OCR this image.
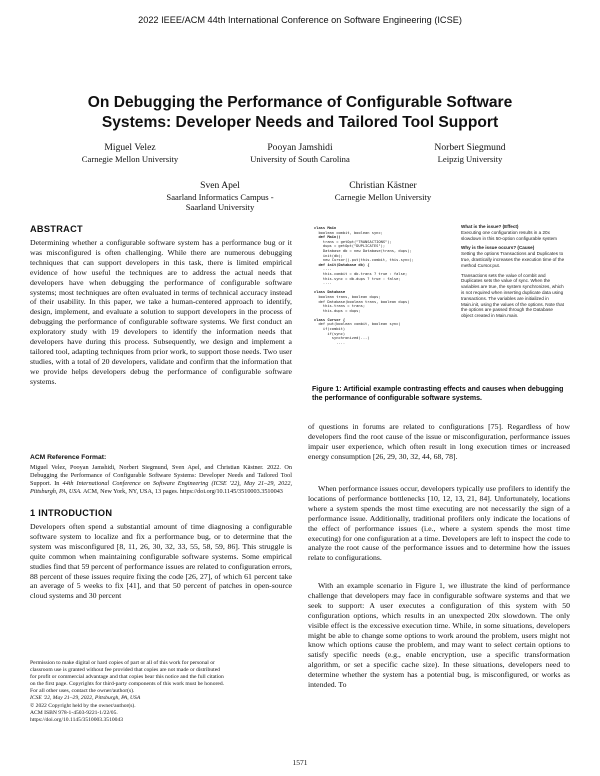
2022 IEEE/ACM 44th International Conference on Software Engineering (ICSE)
On Debugging the Performance of Configurable Software
Systems: Developer Needs and Tailored Tool Support
Miguel Velez
Carnegie Mellon University
Pooyan Jamshidi
University of South Carolina
Norbert Siegmund
Leipzig University
Sven Apel
Saarland Informatics Campus -
Saarland University
Christian Kästner
Carnegie Mellon University
ABSTRACT

Determining whether a configurable software system has a performance bug or it was misconfigured is often challenging. While there are numerous debugging techniques that can support developers in this task, there is limited empirical evidence of how useful the techniques are to address the actual needs that developers have when debugging the performance of configurable software systems; most techniques are often evaluated in terms of technical accuracy instead of their usability. In this paper, we take a human-centered approach to identify, design, implement, and evaluate a solution to support developers in the process of debugging the performance of configurable software systems. We first conduct an exploratory study with 19 developers to identify the information needs that developers have during this process. Subsequently, we design and implement a tailored tool, adapting techniques from prior work, to support those needs. Two user studies, with a total of 20 developers, validate and confirm that the information that we provide helps developers debug the performance of configurable software systems.

ACM Reference Format:
Miguel Velez, Pooyan Jamshidi, Norbert Siegmund, Sven Apel, and Christian Kästner. 2022. On Debugging the Performance of Configurable Software Systems: Developer Needs and Tailored Tool Support. In 44th International Conference on Software Engineering (ICSE '22), May 21–29, 2022, Pittsburgh, PA, USA. ACM, New York, NY, USA, 13 pages. https://doi.org/10.1145/3510003.3510043
1 INTRODUCTION

Developers often spend a substantial amount of time diagnosing a configurable software system to localize and fix a performance bug, or to determine that the system was misconfigured [8, 11, 26, 30, 32, 33, 55, 58, 59, 86]. This struggle is quite common when maintaining configurable software systems. Some empirical studies find that 59 percent of performance issues are related to configuration errors, 88 percent of these issues require fixing the code [26, 27], of which 61 percent take an average of 5 weeks to fix [41], and that 50 percent of patches in open-source cloud systems and 30 percent

Permission to make digital or hard copies of part or all of this work for personal or
classroom use is granted without fee provided that copies are not made or distributed
for profit or commercial advantage and that copies bear this notice and the full citation
on the first page. Copyrights for third-party components of this work must be honored.
For all other uses, contact the owner/author(s).
ICSE '22, May 21–29, 2022, Pittsburgh, PA, USA
© 2022 Copyright held by the owner/author(s).
ACM ISBN 978-1-4503-9221-1/22/05.
https://doi.org/10.1145/3510003.3510043
class Main
boolean combit, boolean sync;
def Main()
trans = getOpt("TRANSACTIONS");
dups = getOpt("DUPLICATES");
Database db = new Database(trans, dups);
init(db);
new Cursor().put(this.combit, this.sync);
def init(Database db) {
....
this.combit = db.trans ? true : false;
this.sync = db.dups ? true : false;
....

class Database
boolean trans, boolean dups;
def Database(boolean trans, boolean dups)
this.trans = trans;
this.dups = dups;

class Cursor {
def put(boolean combit, boolean sync)
if(combit)
if(sync)
synchronized(...)
....

What is the issue? (Effect)
Executing one configuration results in a 20x slowdown in this 50-option configurable system

Why is the issue occurs? (Cause)
Setting the options Transactions and Duplicates to true, drastically increases the execution time of the method Cursor.put.

Transactions sets the value of combit and Duplicates sets the value of sync. When the variables are true, the system synchronizes, which is not required when inserting duplicate data using transactions. The variables are initialized in Main.init, using the values of the options. Note that the options are passed through the Database object created in Main.main.

Figure 1: Artificial example contrasting effects and causes when debugging the performance of configurable software systems.

of questions in forums are related to configurations [75]. Regardless of how developers find the root cause of the issue or misconfiguration, performance issues impair user experience, which often result in long execution times or increased energy consumption [26, 29, 30, 32, 44, 68, 78].

When performance issues occur, developers typically use profilers to identify the locations of performance bottlenecks [10, 12, 13, 21, 84]. Unfortunately, locations where a system spends the most time executing are not necessarily the sign of a performance issue. Additionally, traditional profilers only indicate the locations of the effect of performance issues (i.e., where a system spends the most time executing) for one configuration at a time. Developers are left to inspect the code to analyze the root cause of the performance issues and to determine how the issues relate to configurations.

With an example scenario in Figure 1, we illustrate the kind of performance challenge that developers may face in configurable software systems and that we seek to support: A user executes a configuration of this system with 50 configuration options, which results in an unexpected 20x slowdown. The only visible effect is the excessive execution time. While, in some situations, developers might be able to change some options to work around the problem, users might not know which options cause the problem, and may want to select certain options to satisfy specific needs (e.g., enable encryption, use a specific transformation algorithm, or set a specific cache size). In these situations, developers need to determine whether the system has a potential bug, is misconfigured, or works as intended. To

1571
